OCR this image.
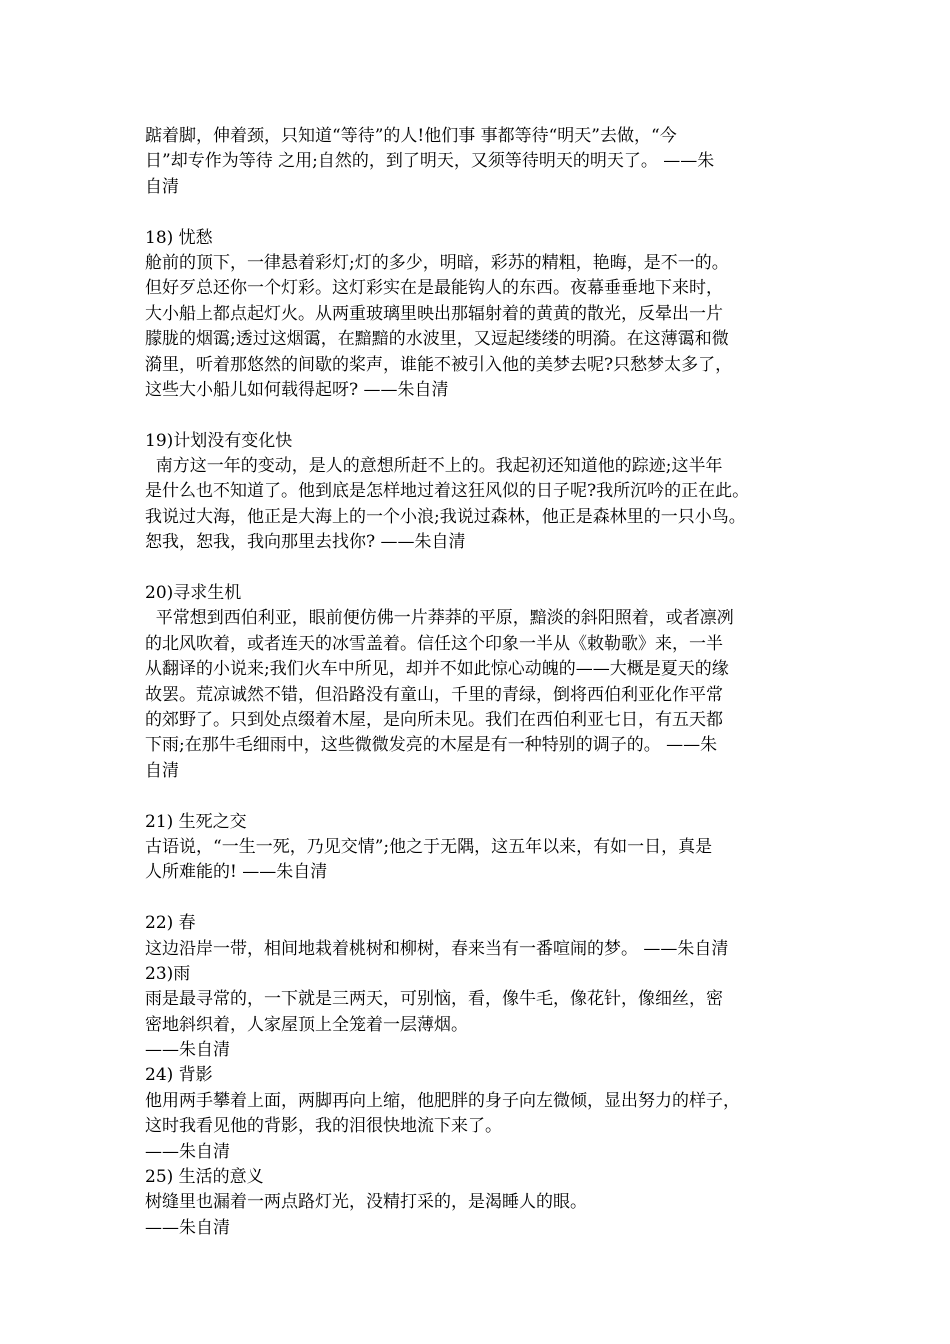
踮着脚，伸着颈，只知道“等待”的人!他们事 事都等待“明天”去做，“今
日”却专作为等待 之用;自然的，到了明天，又须等待明天的明天了。 ——朱
自清
18) 忧愁
舱前的顶下，一律悬着彩灯;灯的多少，明暗，彩苏的精粗，艳晦，是不一的。
但好歹总还你一个灯彩。这灯彩实在是最能钩人的东西。夜幕垂垂地下来时，
大小船上都点起灯火。从两重玻璃里映出那辐射着的黄黄的散光，反晕出一片
朦胧的烟霭;透过这烟霭，在黯黯的水波里，又逗起缕缕的明漪。在这薄霭和微
漪里，听着那悠然的间歇的桨声，谁能不被引入他的美梦去呢?只愁梦太多了，
这些大小船儿如何载得起呀? ——朱自清
19)计划没有变化快
南方这一年的变动，是人的意想所赶不上的。我起初还知道他的踪迹;这半年
是什么也不知道了。他到底是怎样地过着这狂风似的日子呢?我所沉吟的正在此。
我说过大海，他正是大海上的一个小浪;我说过森林，他正是森林里的一只小鸟。
恕我，恕我，我向那里去找你? ——朱自清
20)寻求生机
平常想到西伯利亚，眼前便仿佛一片莽莽的平原，黯淡的斜阳照着，或者凛冽
的北风吹着，或者连天的冰雪盖着。信任这个印象一半从《敕勒歌》来，一半
从翻译的小说来;我们火车中所见，却并不如此惊心动魄的——大概是夏天的缘
故罢。荒凉诚然不错，但沿路没有童山，千里的青绿，倒将西伯利亚化作平常
的郊野了。只到处点缀着木屋，是向所未见。我们在西伯利亚七日，有五天都
下雨;在那牛毛细雨中，这些微微发亮的木屋是有一种特别的调子的。 ——朱
自清
21) 生死之交
古语说，“一生一死，乃见交情”;他之于无隅，这五年以来，有如一日，真是
人所难能的! ——朱自清
22) 春
这边沿岸一带，相间地栽着桃树和柳树，春来当有一番喧闹的梦。 ——朱自清
23)雨
雨是最寻常的，一下就是三两天，可别恼，看，像牛毛，像花针，像细丝，密
密地斜织着，人家屋顶上全笼着一层薄烟。
——朱自清
24) 背影
他用两手攀着上面，两脚再向上缩，他肥胖的身子向左微倾，显出努力的样子，
这时我看见他的背影，我的泪很快地流下来了。
——朱自清
25) 生活的意义
树缝里也漏着一两点路灯光，没精打采的，是渴睡人的眼。
——朱自清
